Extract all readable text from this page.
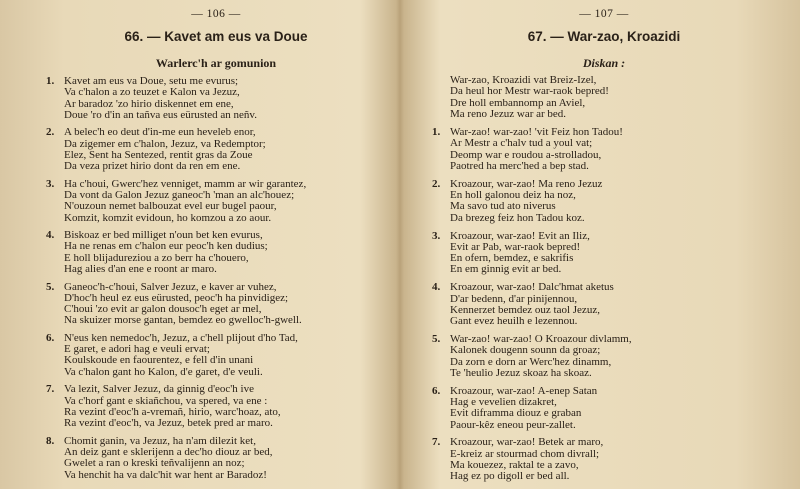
— 106 —
66. — Kavet am eus va Doue
Warlerc'h ar gomunion
1. Kavet am eus va Doue, setu me evurus;
Va c'halon a zo teuzet e Kalon va Jezuz,
Ar baradoz 'zo hirio diskennet em ene,
Doue 'ro d'in an tañva eus eürusted an neñv.
2. A belec'h eo deut d'in-me eun heveleb enor,
Da zigemer em c'halon, Jezuz, va Redemptor;
Elez, Sent ha Sentezed, rentit gras da Zoue
Da veza prizet hirio dont da ren em ene.
3. Ha c'houi, Gwerc'hez venniget, mamm ar wir garantez,
Da vont da Galon Jezuz ganeoc'h 'man an alc'houez;
N'ouzoun nemet balbouzat evel eur bugel paour,
Komzit, komzit evidoun, ho komzou a zo aour.
4. Biskoaz er bed milliget n'oun bet ken evurus,
Ha ne renas em c'halon eur peoc'h ken dudius;
E holl blijadureziou a zo berr ha c'houero,
Hag alies d'an ene e roont ar maro.
5. Ganeoc'h-c'houi, Salver Jezuz, e kaver ar vuhez,
D'hoc'h heul ez eus eürusted, peoc'h ha pinvidigez;
C'houi 'zo evit ar galon dousoc'h eget ar mel,
Na skuizer morse gantan, bemdez eo gwelloc'h-gwell.
6. N'eus ken nemedoc'h, Jezuz, a c'hell plijout d'ho Tad,
E garet, e adori hag e veuli ervat;
Koulskoude en faourentez, e fell d'in unani
Va c'halon gant ho Kalon, d'e garet, d'e veuli.
7. Va lezit, Salver Jezuz, da ginnig d'eoc'h ive
Va c'horf gant e skiañchou, va spered, va ene :
Ra vezint d'eoc'h a-vremañ, hirio, warc'hoaz, ato,
Ra vezint d'eoc'h, va Jezuz, betek pred ar maro.
8. Chomit ganin, va Jezuz, ha n'am dilezit ket,
An deiz gant e sklerijenn a dec'ho diouz ar bed,
Gwelet a ran o kreski teñvalijenn an noz;
Va henchit ha va dalc'hit war hent ar Baradoz!
— 107 —
67. — War-zao, Kroazidi
Diskan :
War-zao, Kroazidi vat Breiz-Izel,
Da heul hor Mestr war-raok bepred!
Dre holl embannomp an Aviel,
Ma reno Jezuz war ar bed.
1. War-zao! war-zao! 'vit Feiz hon Tadou!
Ar Mestr a c'halv tud a youl vat;
Deomp war e roudou a-strolladou,
Paotred ha merc'hed a bep stad.
2. Kroazour, war-zao! Ma reno Jezuz
En holl galonou deiz ha noz,
Ma savo tud ato niverus
Da brezeg feiz hon Tadou koz.
3. Kroazour, war-zao! Evit an Iliz,
Evit ar Pab, war-raok bepred!
En ofern, bemdez, e sakrifis
En em ginnig evit ar bed.
4. Kroazour, war-zao! Dalc'hmat aketus
D'ar bedenn, d'ar pinijennou,
Kennerzet bemdez ouz taol Jezuz,
Gant evez heuilh e lezennou.
5. War-zao! war-zao! O Kroazour divlamm,
Kalonek dougenn sounn da groaz;
Da zorn e dorn ar Werc'hez dinamm,
Te 'heulio Jezuz skoaz ha skoaz.
6. Kroazour, war-zao! A-enep Satan
Hag e vevelien dizakret,
Evit diframma diouz e graban
Paour-kêz eneou peur-zallet.
7. Kroazour, war-zao! Betek ar maro,
E-kreiz ar stourmad chom divrall;
Ma kouezez, raktal te a zavo,
Hag ez po digoll er bed all.
